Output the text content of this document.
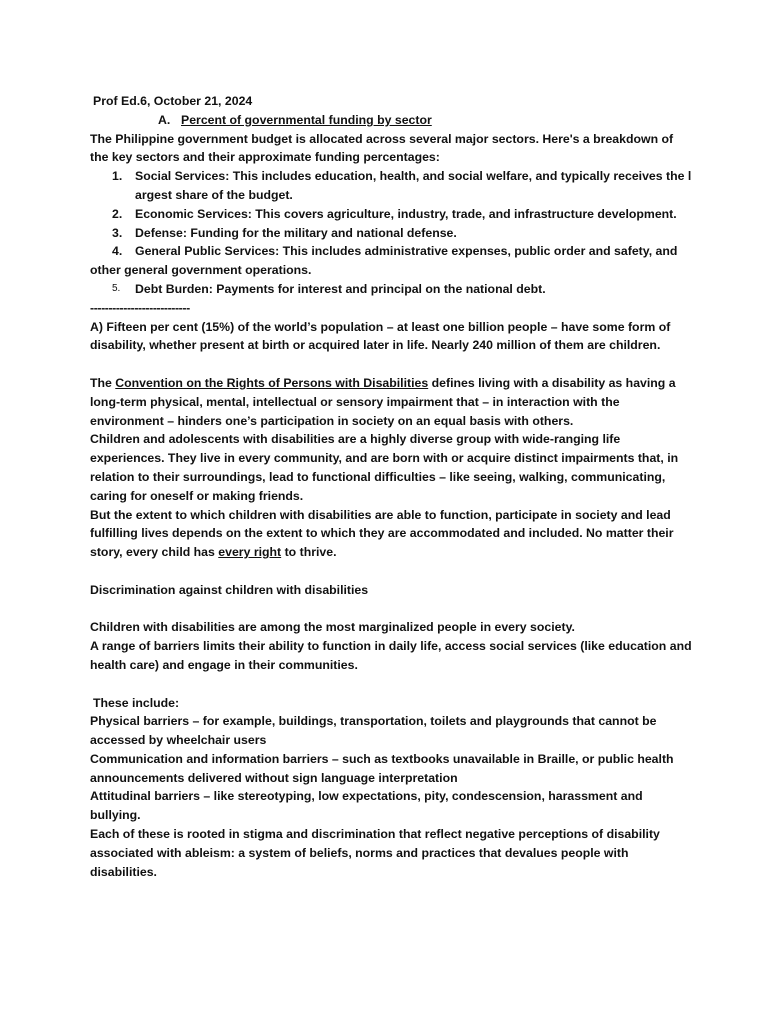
Prof Ed.6, October 21, 2024
A. Percent of governmental funding by sector
The Philippine government budget is allocated across several major sectors. Here's a breakdown of
the key sectors and their approximate funding percentages:
1. Social Services: This includes education, health, and social welfare, and typically receives the l
argest share of the budget.
2. Economic Services: This covers agriculture, industry, trade, and infrastructure development.
3. Defense: Funding for the military and national defense.
4. General Public Services: This includes administrative expenses, public order and safety, and
other general government operations.
5. Debt Burden: Payments for interest and principal on the national debt.
---------------------------
A) Fifteen per cent (15%) of the world’s population – at least one billion people – have some form of
disability, whether present at birth or acquired later in life. Nearly 240 million of them are children.
The Convention on the Rights of Persons with Disabilities defines living with a disability as having a
long-term physical, mental, intellectual or sensory impairment that – in interaction with the
environment – hinders one’s participation in society on an equal basis with others.
Children and adolescents with disabilities are a highly diverse group with wide-ranging life
experiences. They live in every community, and are born with or acquire distinct impairments that, in
relation to their surroundings, lead to functional difficulties – like seeing, walking, communicating,
caring for oneself or making friends.
But the extent to which children with disabilities are able to function, participate in society and lead
fulfilling lives depends on the extent to which they are accommodated and included. No matter their
story, every child has every right to thrive.
Discrimination against children with disabilities
Children with disabilities are among the most marginalized people in every society.
A range of barriers limits their ability to function in daily life, access social services (like education and
health care) and engage in their communities.
These include:
Physical barriers – for example, buildings, transportation, toilets and playgrounds that cannot be
accessed by wheelchair users
Communication and information barriers – such as textbooks unavailable in Braille, or public health
announcements delivered without sign language interpretation
Attitudinal barriers – like stereotyping, low expectations, pity, condescension, harassment and
bullying.
Each of these is rooted in stigma and discrimination that reflect negative perceptions of disability
associated with ableism: a system of beliefs, norms and practices that devalues people with
disabilities.
